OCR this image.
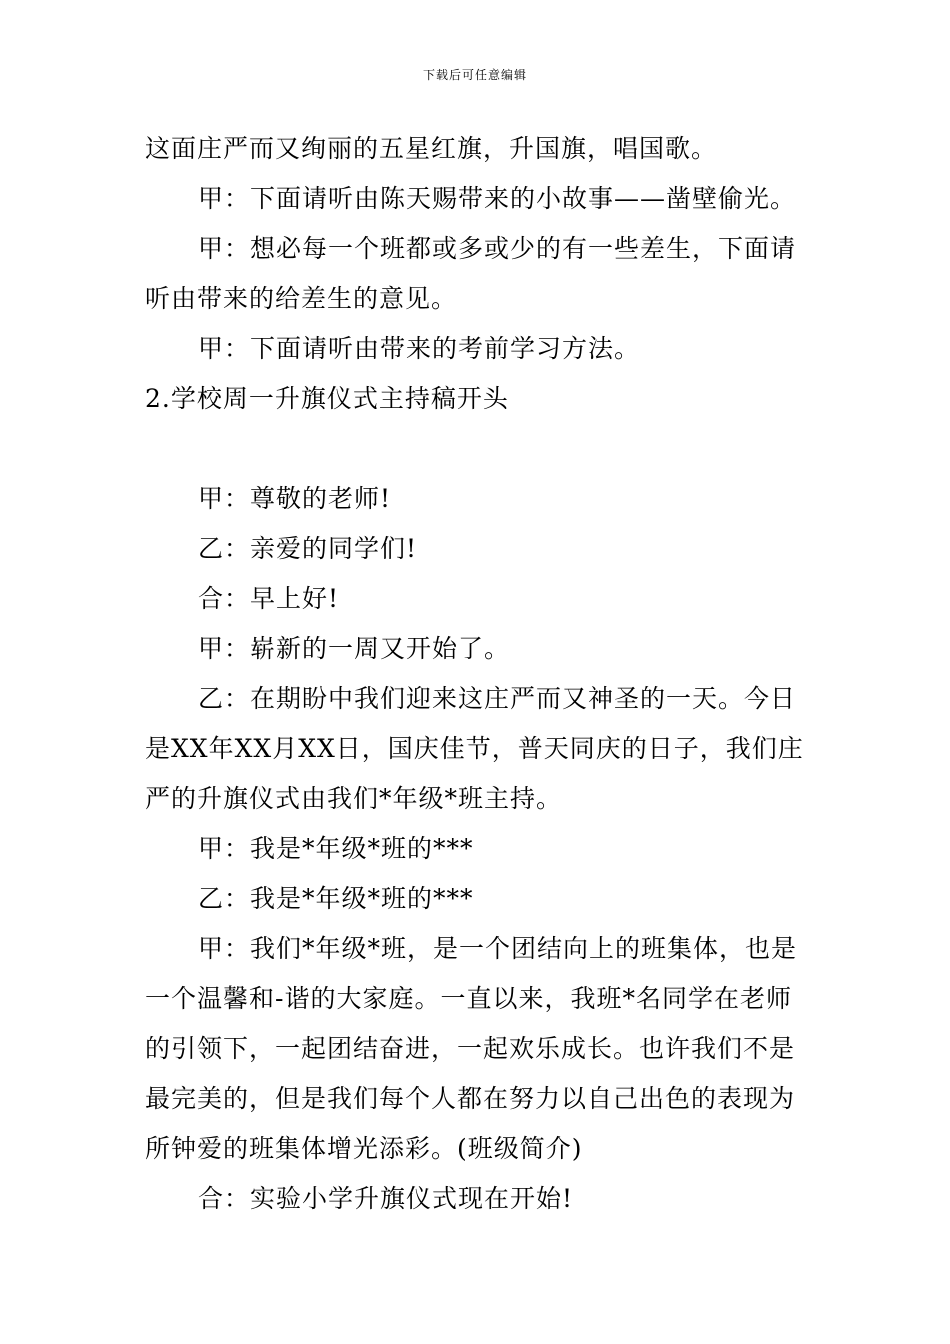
下载后可任意编辑
这面庄严而又绚丽的五星红旗，升国旗，唱国歌。
甲：下面请听由陈天赐带来的小故事——凿壁偷光。
甲：想必每一个班都或多或少的有一些差生，下面请
听由带来的给差生的意见。
甲：下面请听由带来的考前学习方法。
2.学校周一升旗仪式主持稿开头
甲：尊敬的老师!
乙：亲爱的同学们!
合：早上好!
甲：崭新的一周又开始了。
乙：在期盼中我们迎来这庄严而又神圣的一天。今日
是XX年XX月XX日，国庆佳节，普天同庆的日子，我们庄
严的升旗仪式由我们*年级*班主持。
甲：我是*年级*班的***
乙：我是*年级*班的***
甲：我们*年级*班，是一个团结向上的班集体，也是
一个温馨和-谐的大家庭。一直以来，我班*名同学在老师
的引领下，一起团结奋进，一起欢乐成长。也许我们不是
最完美的，但是我们每个人都在努力以自己出色的表现为
所钟爱的班集体增光添彩。(班级简介)
合：实验小学升旗仪式现在开始!
